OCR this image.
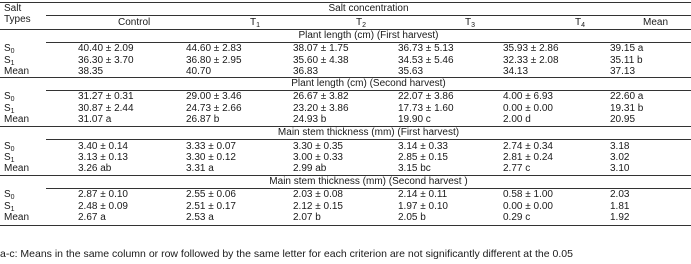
Salt
Types
Salt concentration
Control	$T_1$	$T_2$	$T_3$	$T_4$	Mean
Plant length (cm) (First harvest)
$S_0$	40.40 ± 2.09	44.60 ± 2.83	38.07 ± 1.75	36.73 ± 5.13	35.93 ± 2.86	39.15 a
$S_1$	36.30 ± 3.70	36.80 ± 2.95	35.60 ± 4.38	34.53 ± 5.46	32.33 ± 2.08	35.11 b
Mean	38.35	40.70	36.83	35.63	34.13	37.13
Plant length (cm) (Second harvest)
$S_0$	31.27 ± 0.31	29.00 ± 3.46	26.67 ± 3.82	22.07 ± 3.86	4.00 ± 6.93	22.60 a
$S_1$	30.87 ± 2.44	24.73 ± 2.66	23.20 ± 3.86	17.73 ± 1.60	0.00 ± 0.00	19.31 b
Mean	31.07 a	26.87 b	24.93 b	19.90 c	2.00 d	20.95
Main stem thickness (mm) (First harvest)
$S_0$	3.40 ± 0.14	3.33 ± 0.07	3.30 ± 0.35	3.14 ± 0.33	2.74 ± 0.34	3.18
$S_1$	3.13 ± 0.13	3.30 ± 0.12	3.00 ± 0.33	2.85 ± 0.15	2.81 ± 0.24	3.02
Mean	3.26 ab	3.31 a	2.99 ab	3.15 bc	2.77 c	3.10
Main stem thickness (mm) (Second harvest )
$S_0$	2.87 ± 0.10	2.55 ± 0.06	2.03 ± 0.08	2.14 ± 0.11	0.58 ± 1.00	2.03
$S_1$	2.48 ± 0.09	2.51 ± 0.17	2.12 ± 0.15	1.97 ± 0.10	0.00 ± 0.00	1.81
Mean	2.67 a	2.53 a	2.07 b	2.05 b	0.29 c	1.92
a-c: Means in the same column or row followed by the same letter for each criterion are not significantly different at the 0.05
